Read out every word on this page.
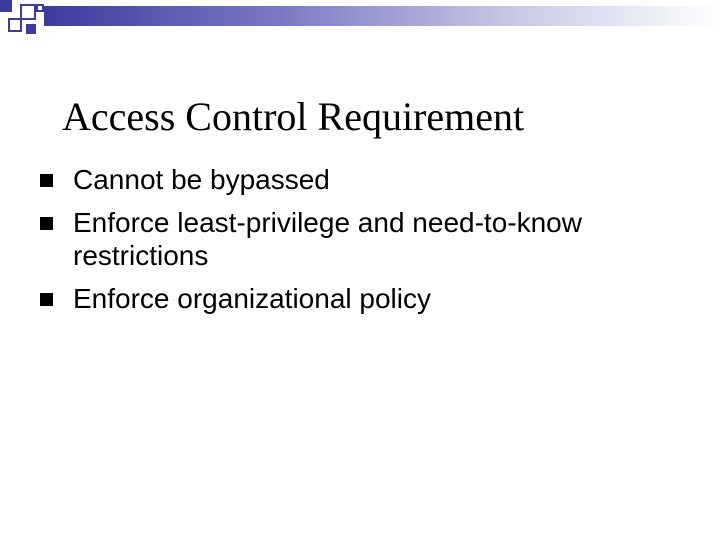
Access Control Requirement
Cannot be bypassed
Enforce least-privilege and need-to-know restrictions
Enforce organizational policy
